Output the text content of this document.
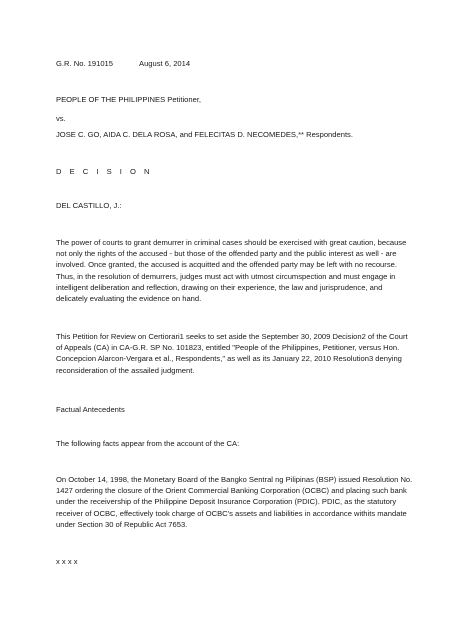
G.R. No. 191015	August 6, 2014
PEOPLE OF THE PHILIPPINES Petitioner,
vs.
JOSE C. GO, AIDA C. DELA ROSA, and FELECITAS D. NECOMEDES,** Respondents.
D E C I S I O N
DEL CASTILLO, J.:

The power of courts to grant demurrer in criminal cases should be exercised with great caution, because

not only the rights of the accused - but those of the offended party and the public interest as well - are

involved. Once granted, the accused is acquitted and the offended party may be left with no recourse.

Thus, in the resolution of demurrers, judges must act with utmost circumspection and must engage in

intelligent deliberation and reflection, drawing on their experience, the law and jurisprudence, and

delicately evaluating the evidence on hand.

This Petition for Review on Certiorari1 seeks to set aside the September 30, 2009 Decision2 of the Court

of Appeals (CA) in CA-G.R. SP No. 101823, entitled "People of the Philippines, Petitioner, versus Hon.

Concepcion Alarcon-Vergara et al., Respondents," as well as its January 22, 2010 Resolution3 denying

reconsideration of the assailed judgment.

Factual Antecedents
The following facts appear from the account of the CA:

On October 14, 1998, the Monetary Board of the Bangko Sentral ng Pilipinas (BSP) issued Resolution No.

1427 ordering the closure of the Orient Commercial Banking Corporation (OCBC) and placing such bank

under the receivership of the Philippine Deposit Insurance Corporation (PDIC). PDIC, as the statutory

receiver of OCBC, effectively took charge of OCBC's assets and liabilities in accordance withits mandate

under Section 30 of Republic Act 7653.

x x x x
